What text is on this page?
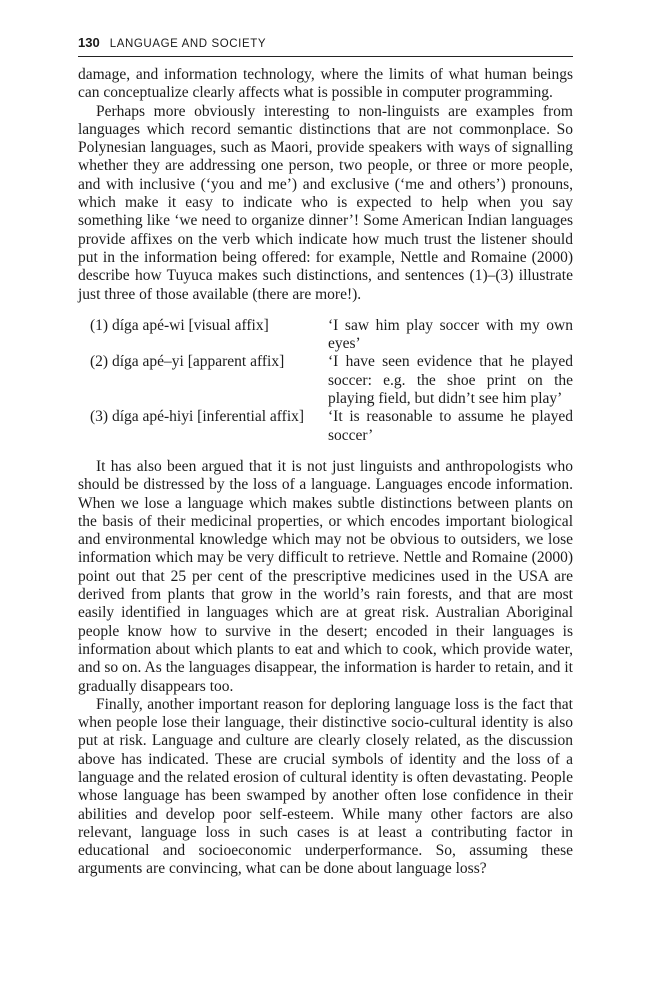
130 LANGUAGE AND SOCIETY

damage, and information technology, where the limits of what human beings can conceptualize clearly affects what is possible in computer programming.

Perhaps more obviously interesting to non-linguists are examples from languages which record semantic distinctions that are not commonplace. So Polynesian languages, such as Maori, provide speakers with ways of signalling whether they are addressing one person, two people, or three or more people, and with inclusive (‘you and me’) and exclusive (‘me and others’) pronouns, which make it easy to indicate who is expected to help when you say something like ‘we need to organize dinner’! Some American Indian languages provide affixes on the verb which indicate how much trust the listener should put in the information being offered: for example, Nettle and Romaine (2000) describe how Tuyuca makes such distinctions, and sentences (1)–(3) illustrate just three of those available (there are more!).

(1) díga apé-wi [visual affix]	‘I saw him play soccer with my own eyes’
(2) díga apé–yi [apparent affix]	‘I have seen evidence that he played soccer: e.g. the shoe print on the playing field, but didn’t see him play’
(3) díga apé-hiyi [inferential affix]	‘It is reasonable to assume he played soccer’

It has also been argued that it is not just linguists and anthropologists who should be distressed by the loss of a language. Languages encode information. When we lose a language which makes subtle distinctions between plants on the basis of their medicinal properties, or which encodes important biological and environmental knowledge which may not be obvious to outsiders, we lose information which may be very difficult to retrieve. Nettle and Romaine (2000) point out that 25 per cent of the prescriptive medicines used in the USA are derived from plants that grow in the world’s rain forests, and that are most easily identified in languages which are at great risk. Australian Aboriginal people know how to survive in the desert; encoded in their languages is information about which plants to eat and which to cook, which provide water, and so on. As the languages disappear, the information is harder to retain, and it gradually disappears too.

Finally, another important reason for deploring language loss is the fact that when people lose their language, their distinctive socio-cultural identity is also put at risk. Language and culture are clearly closely related, as the discussion above has indicated. These are crucial symbols of identity and the loss of a language and the related erosion of cultural identity is often devastating. People whose language has been swamped by another often lose confidence in their abilities and develop poor self-esteem. While many other factors are also relevant, language loss in such cases is at least a contributing factor in educational and socioeconomic underperformance. So, assuming these arguments are convincing, what can be done about language loss?
